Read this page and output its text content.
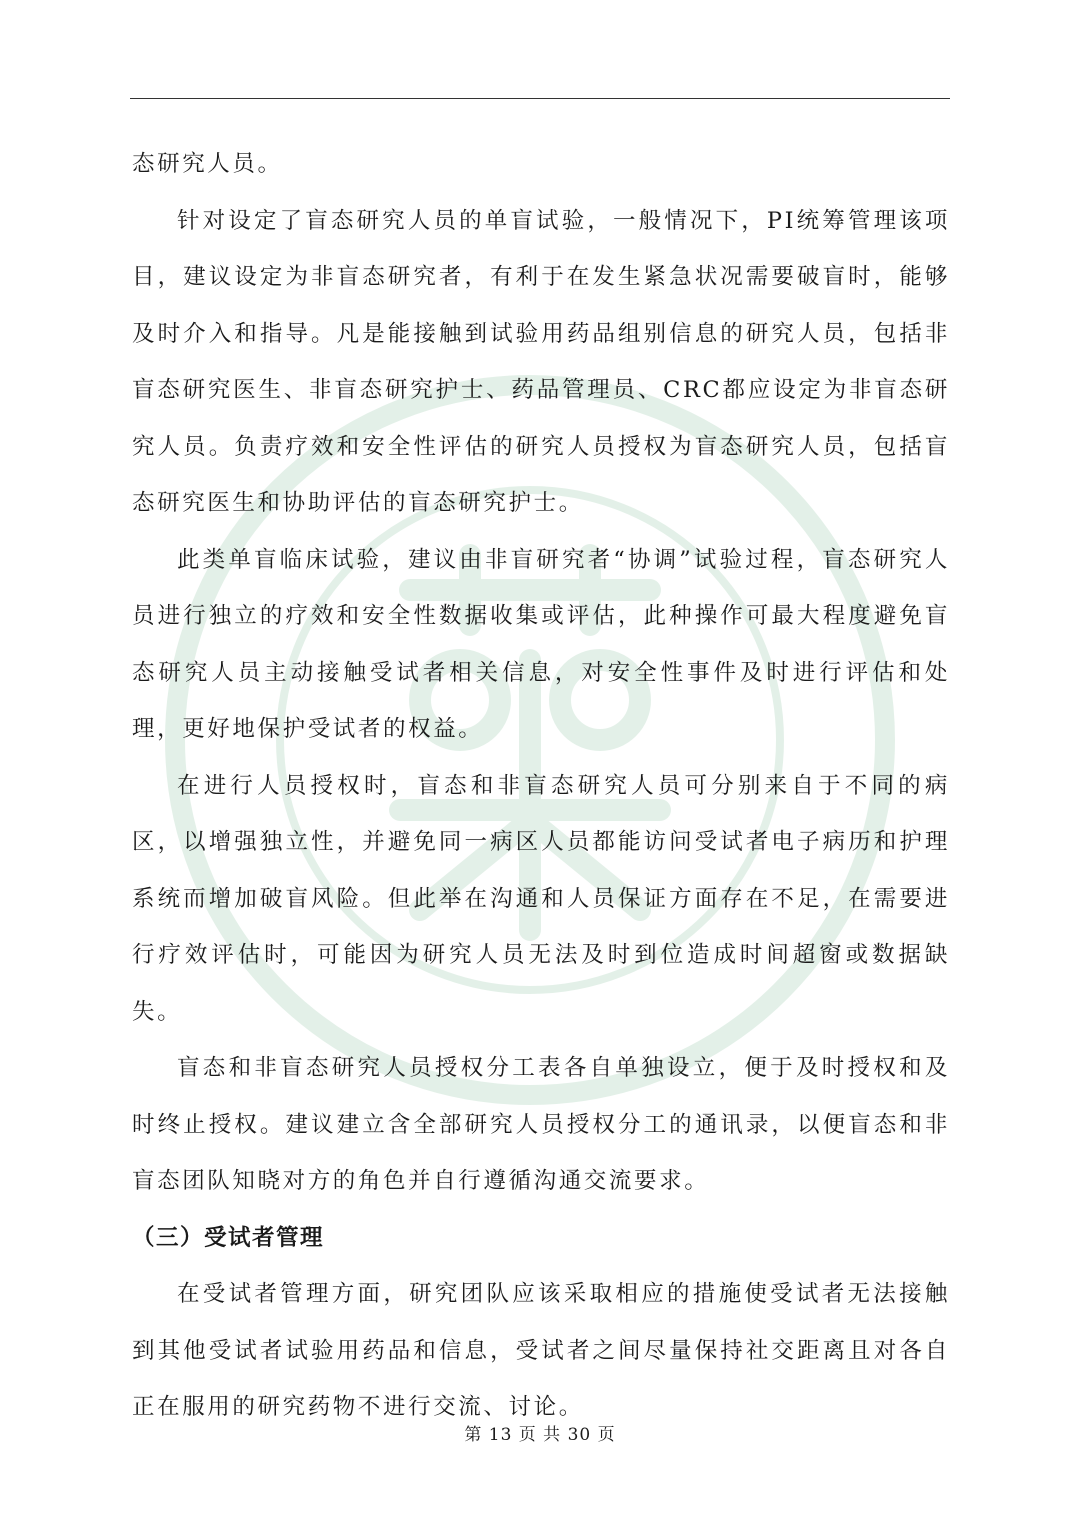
态研究人员。

针对设定了盲态研究人员的单盲试验，一般情况下，PI统筹管理该项目，建议设定为非盲态研究者，有利于在发生紧急状况需要破盲时，能够及时介入和指导。凡是能接触到试验用药品组别信息的研究人员，包括非盲态研究医生、非盲态研究护士、药品管理员、CRC都应设定为非盲态研究人员。负责疗效和安全性评估的研究人员授权为盲态研究人员，包括盲态研究医生和协助评估的盲态研究护士。

此类单盲临床试验，建议由非盲研究者“协调”试验过程，盲态研究人员进行独立的疗效和安全性数据收集或评估，此种操作可最大程度避免盲态研究人员主动接触受试者相关信息，对安全性事件及时进行评估和处理，更好地保护受试者的权益。

在进行人员授权时，盲态和非盲态研究人员可分别来自于不同的病区，以增强独立性，并避免同一病区人员都能访问受试者电子病历和护理系统而增加破盲风险。但此举在沟通和人员保证方面存在不足，在需要进行疗效评估时，可能因为研究人员无法及时到位造成时间超窗或数据缺失。

盲态和非盲态研究人员授权分工表各自单独设立，便于及时授权和及时终止授权。建议建立含全部研究人员授权分工的通讯录，以便盲态和非盲态团队知晓对方的角色并自行遵循沟通交流要求。

（三）受试者管理

在受试者管理方面，研究团队应该采取相应的措施使受试者无法接触到其他受试者试验用药品和信息，受试者之间尽量保持社交距离且对各自正在服用的研究药物不进行交流、讨论。

第 13 页 共 30 页
